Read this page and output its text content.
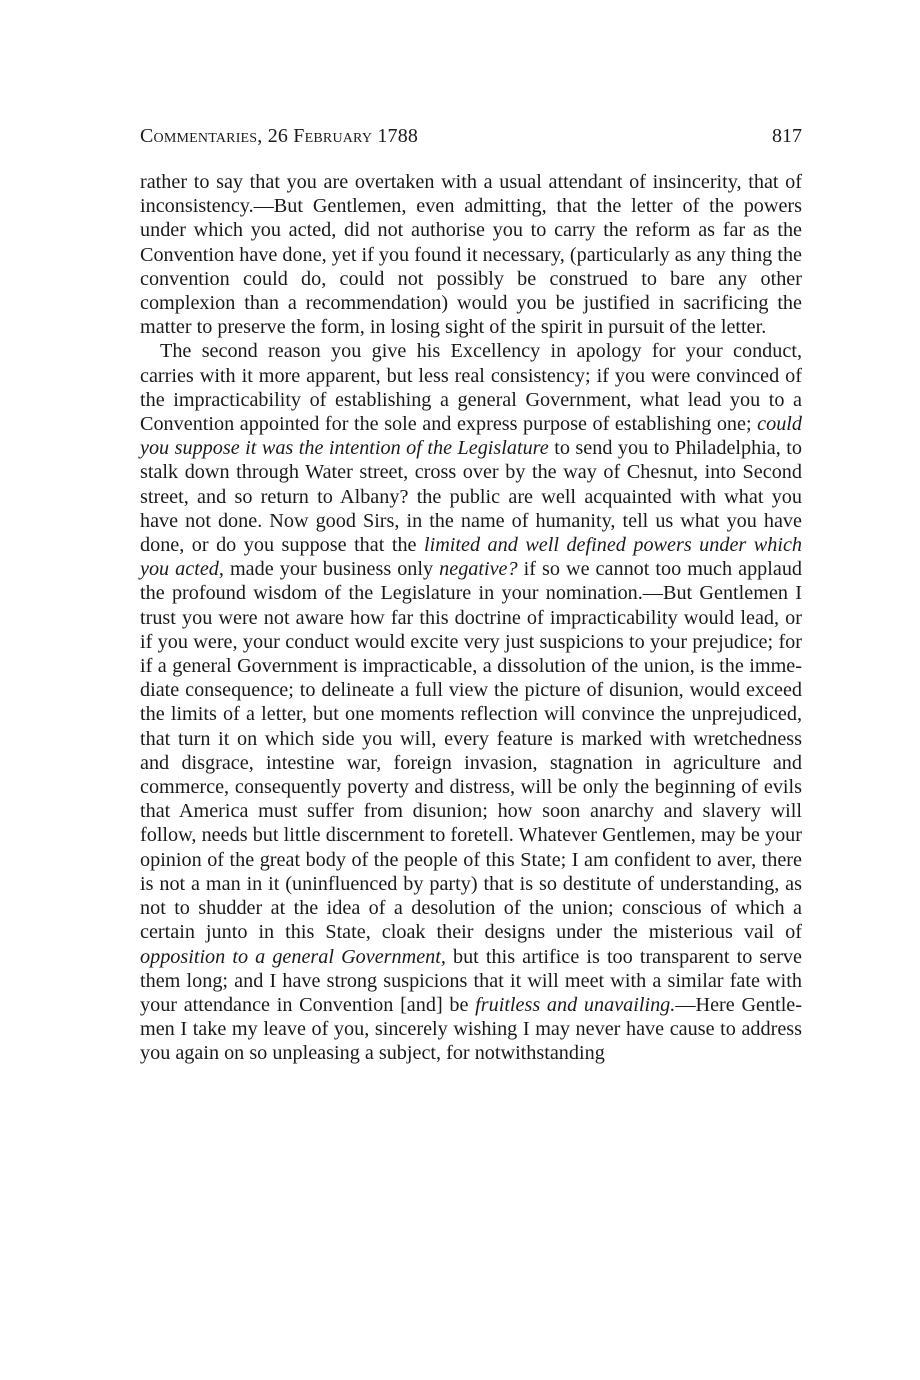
Commentaries, 26 February 1788	817

rather to say that you are overtaken with a usual attendant of insincerity, that of inconsistency.—But Gentlemen, even admitting, that the letter of the powers under which you acted, did not authorise you to carry the reform as far as the Convention have done, yet if you found it necessary, (particularly as any thing the convention could do, could not possibly be construed to bare any other complexion than a recommendation) would you be justified in sacrificing the matter to preserve the form, in losing sight of the spirit in pursuit of the letter.

The second reason you give his Excellency in apology for your conduct, carries with it more apparent, but less real consistency; if you were convinced of the impracticability of establishing a general Government, what lead you to a Convention appointed for the sole and express purpose of establishing one; could you suppose it was the intention of the Legislature to send you to Philadelphia, to stalk down through Water street, cross over by the way of Chesnut, into Second street, and so return to Albany? the public are well acquainted with what you have not done. Now good Sirs, in the name of humanity, tell us what you have done, or do you suppose that the limited and well defined powers under which you acted, made your business only negative? if so we cannot too much applaud the profound wisdom of the Legislature in your nomination.—But Gentlemen I trust you were not aware how far this doctrine of impracticability would lead, or if you were, your conduct would excite very just suspicions to your prejudice; for if a general Government is impracticable, a dissolution of the union, is the immediate consequence; to delineate a full view the picture of disunion, would exceed the limits of a letter, but one moments reflection will convince the unprejudiced, that turn it on which side you will, every feature is marked with wretchedness and disgrace, intestine war, foreign invasion, stagnation in agriculture and commerce, consequently poverty and distress, will be only the beginning of evils that America must suffer from disunion; how soon anarchy and slavery will follow, needs but little discernment to foretell. Whatever Gentlemen, may be your opinion of the great body of the people of this State; I am confident to aver, there is not a man in it (uninfluenced by party) that is so destitute of understanding, as not to shudder at the idea of a desolution of the union; conscious of which a certain junto in this State, cloak their designs under the misterious vail of opposition to a general Government, but this artifice is too transparent to serve them long; and I have strong suspicions that it will meet with a similar fate with your attendance in Convention [and] be fruitless and unavailing.—Here Gentlemen I take my leave of you, sincerely wishing I may never have cause to address you again on so unpleasing a subject, for notwithstanding
